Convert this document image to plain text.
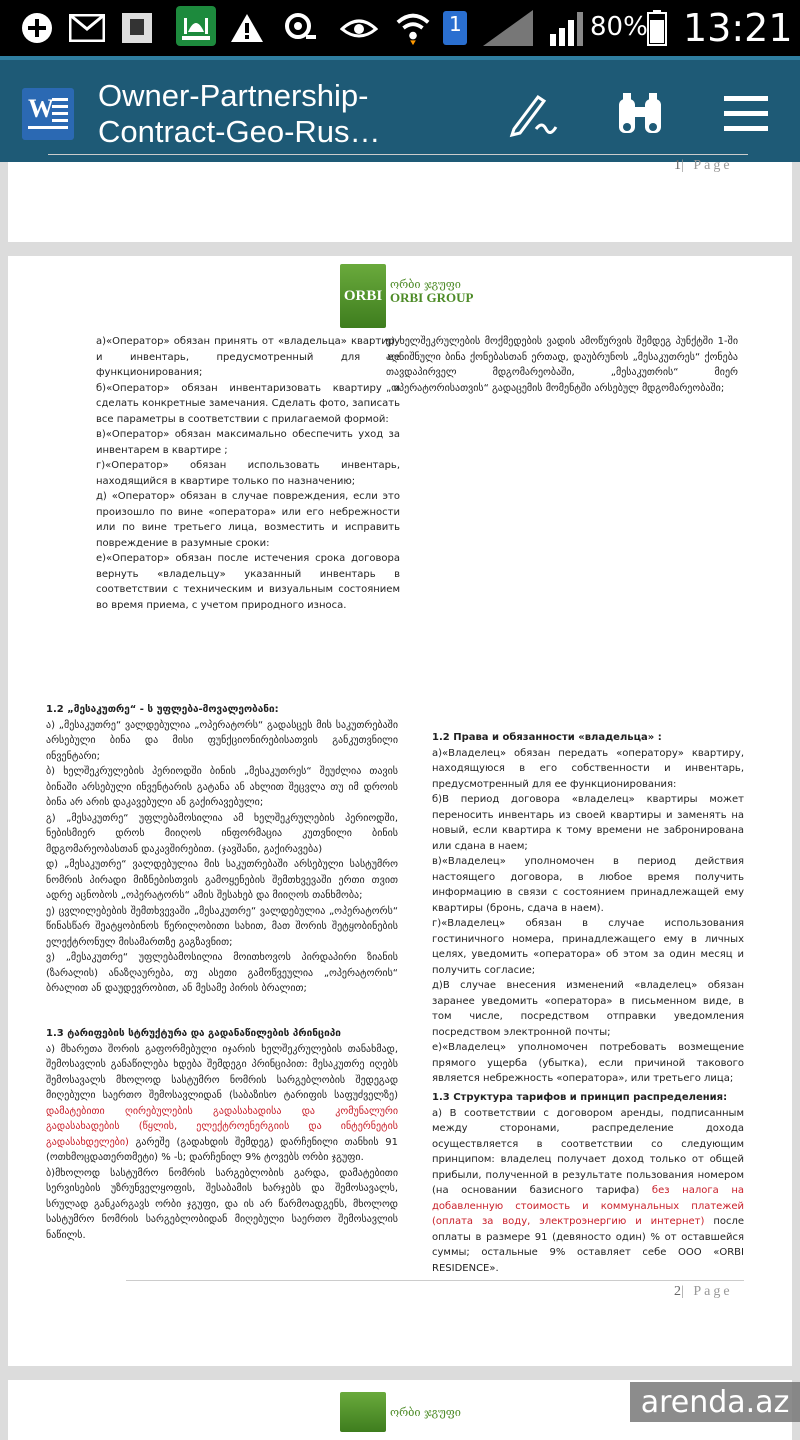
1	80% 13:21
W Owner-Partnership-
Contract-Geo-Rus…
1| Page
ORBI
ორბი ჯგუფი
ORBI GROUP

а)«Оператор» обязан принять от «владельца» квартиру и инвентарь, предусмотренный для ее функционирования;

б)«Оператор» обязан инвентаризовать квартиру и сделать конкретные замечания. Сделать фото, записать все параметры в соответствии с прилагаемой формой:

в)«Оператор» обязан максимально обеспечить уход за инвентарем в квартире ;

г)«Оператор» обязан использовать инвентарь, находящийся в квартире только по назначению;

д) «Оператор» обязан в случае повреждения, если это произошло по вине «оператора» или его небрежности или по вине третьего лица, возместить и исправить повреждение в разумные сроки:

е)«Оператор» обязан после истечения срока договора вернуть «владельцу» указанный инвентарь в соответствии с техническим и визуальным состоянием во время приема, с учетом природного износа.

ე) ხელშეკრულების მოქმედების ვადის ამოწურვის შემდეგ პუნქტში 1-ში აღნიშნული ბინა ქონებასთან ერთად, დაუბრუნოს „მესაკუთრეს“ ქონება თავდაპირველ მდგომარეობაში, „მესაკუთრის“ მიერ „ოპერატორისათვის“ გადაცემის მომენტში არსებულ მდგომარეობაში;

1.2 „მესაკუთრე“ - ს უფლება-მოვალეობანი:

ა) „მესაკუთრე“ ვალდებულია „ოპერატორს“ გადასცეს მის საკუთრებაში არსებული ბინა და მისი ფუნქციონირებისათვის განკუთვნილი ინვენტარი;

ბ) ხელშეკრულების პერიოდში ბინის „მესაკუთრეს“ შეუძლია თავის ბინაში არსებული ინვენტარის გატანა ან ახლით შეცვლა თუ იმ დროის ბინა არ არის დაკავებული ან გაქირავებული;

გ) „მესაკუთრე“ უფლებამოსილია ამ ხელშეკრულების პერიოდში, ნებისმიერ დროს მიიღოს ინფორმაცია კუთვნილი ბინის მდგომარეობასთან დაკავშირებით. (ჯავშანი, გაქირავება)

დ) „მესაკუთრე“ ვალდებულია მის საკუთრებაში არსებული სასტუმრო ნომრის პირადი მიზნებისთვის გამოყენების შემთხვევაში ერთი თვით ადრე აცნობოს „ოპერატორს“ ამის შესახებ და მიიღოს თანხმობა;

ე) ცვლილებების შემთხვევაში „მესაკუთრე“ ვალდებულია „ოპერატორს“ წინასწარ შეატყობინოს წერილობითი სახით, მათ შორის შეტყობინების ელექტრონულ მისამართზე გაგზავნით;

ვ) „მესაკუთრე“ უფლებამოსილია მოითხოვოს პირდაპირი ზიანის (ზარალის) ანაზღაურება, თუ ასეთი გამოწვეულია „ოპერატორის“ ბრალით ან დაუდევრობით, ან მესამე პირის ბრალით;

1.3 ტარიფების სტრუქტურა და გადანაწილების პრინციპი

ა) მხარეთა შორის გაფორმებული იჯარის ხელშეკრულების თანახმად, შემოსავლის განაწილება ხდება შემდეგი პრინციპით: მესაკუთრე იღებს შემოსავალს მხოლოდ სასტუმრო ნომრის სარგებლობის შედეგად მიღებული საერთო შემოსავლიდან (საბაზისო ტარიფის საფუძველზე) დამატებითი ღირებულების გადასახადისა და კომუნალური გადასახადების (წყლის, ელექტროენერგიის და ინტერნეტის გადასახდელები) გარეშე (გადახდის შემდეგ) დარჩენილი თანხის 91 (ოთხმოცდათერთმეტი) % -ს; დარჩენილ 9% ტოვებს ორბი ჯგუფი.

ბ)მხოლოდ სასტუმრო ნომრის სარგებლობის გარდა, დამატებითი სერვისების უზრუნველყოფის, შესაბამის ხარჯებს და შემოსავალს, სრულად განკარგავს ორბი ჯგუფი, და ის არ წარმოადგენს, მხოლოდ სასტუმრო ნომრის სარგებლობიდან მიღებული საერთო შემოსავლის ნაწილს.

1.2 Права и обязанности «владельца» :

а)«Владелец» обязан передать «оператору» квартиру, находящуюся в его собственности и инвентарь, предусмотренный для ее функционирования:

б)В период договора «владелец» квартиры может переносить инвентарь из своей квартиры и заменять на новый, если квартира к тому времени не забронирована или сдана в наем;

в)«Владелец» уполномочен в период действия настоящего договора, в любое время получить информацию в связи с состоянием принадлежащей ему квартиры (бронь, сдача в наем).

г)«Владелец» обязан в случае использования гостиничного номера, принадлежащего ему в личных целях, уведомить «оператора» об этом за один месяц и получить согласие;

д)В случае внесения изменений «владелец» обязан заранее уведомить «оператора» в письменном виде, в том числе, посредством отправки уведомления посредством электронной почты;

е)«Владелец» уполномочен потребовать возмещение прямого ущерба (убытка), если причиной такового является небрежность «оператора», или третьего лица;

1.3 Структура тарифов и принцип распределения:

а) В соответствии с договором аренды, подписанным между сторонами, распределение дохода осуществляется в соответствии со следующим принципом: владелец получает доход только от общей прибыли, полученной в результате пользования номером (на основании базисного тарифа) без налога на добавленную стоимость и коммунальных платежей (оплата за воду, электроэнергию и интернет) после оплаты в размере 91 (девяносто один) % от оставшейся суммы; остальные 9% оставляет себе ООО «ORBI RESIDENCE».

2| Page
ორბი ჯგუფი	arenda.az
